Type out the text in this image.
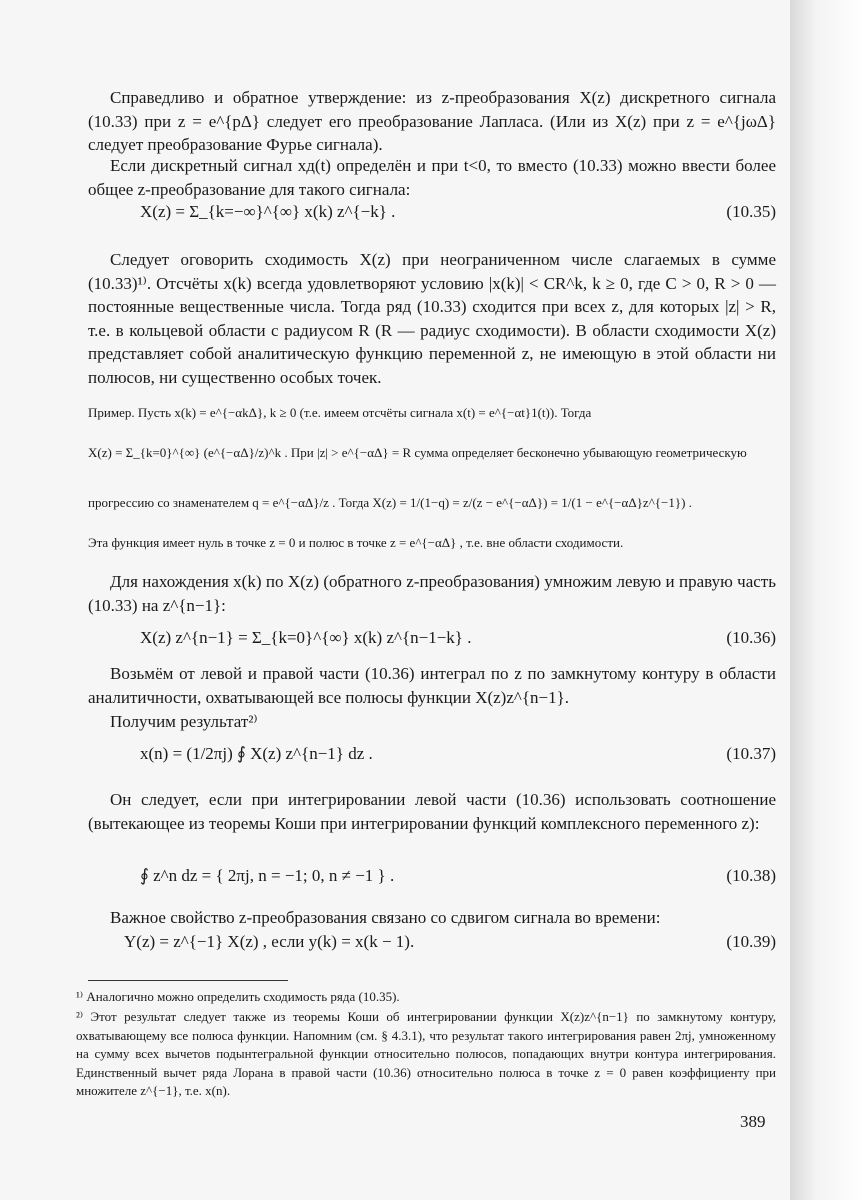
Справедливо и обратное утверждение: из z-преобразования X(z) дискретного сигнала (10.33) при z = e^{pΔ} следует его преобразование Лапласа. (Или из X(z) при z = e^{jωΔ} следует преобразование Фурье сигнала).

Если дискретный сигнал xд(t) определён и при t<0, то вместо (10.33) можно ввести более общее z-преобразование для такого сигнала:

X(z) = Σ_{k=−∞}^{∞} x(k) z^{−k} .	(10.35)

Следует оговорить сходимость X(z) при неограниченном числе слагаемых в сумме (10.33)¹⁾. Отсчёты x(k) всегда удовлетворяют условию |x(k)| < CR^k, k ≥ 0, где C > 0, R > 0 — постоянные вещественные числа. Тогда ряд (10.33) сходится при всех z, для которых |z| > R, т.е. в кольцевой области с радиусом R (R — радиус сходимости). В области сходимости X(z) представляет собой аналитическую функцию переменной z, не имеющую в этой области ни полюсов, ни существенно особых точек.

Пример. Пусть x(k) = e^{−αkΔ}, k ≥ 0 (т.е. имеем отсчёты сигнала x(t) = e^{−αt}1(t)). Тогда

X(z) = Σ_{k=0}^{∞} (e^{−αΔ}/z)^k . При |z| > e^{−αΔ} = R сумма определяет бесконечно убывающую геометрическую

прогрессию со знаменателем q = e^{−αΔ}/z . Тогда X(z) = 1/(1−q) = z/(z − e^{−αΔ}) = 1/(1 − e^{−αΔ}z^{−1}) .

Эта функция имеет нуль в точке z = 0 и полюс в точке z = e^{−αΔ} , т.е. вне области сходимости.

Для нахождения x(k) по X(z) (обратного z-преобразования) умножим левую и правую часть (10.33) на z^{n−1}:

X(z) z^{n−1} = Σ_{k=0}^{∞} x(k) z^{n−1−k} .	(10.36)

Возьмём от левой и правой части (10.36) интеграл по z по замкнутому контуру в области аналитичности, охватывающей все полюсы функции X(z)z^{n−1}.

Получим результат²⁾

x(n) = (1/2πj) ∮ X(z) z^{n−1} dz .	(10.37)

Он следует, если при интегрировании левой части (10.36) использовать соотношение (вытекающее из теоремы Коши при интегрировании функций комплексного переменного z):

∮ z^n dz = { 2πj, n = −1; 0, n ≠ −1 } .	(10.38)

Важное свойство z-преобразования связано со сдвигом сигнала во времени:

Y(z) = z^{−1} X(z) , если y(k) = x(k − 1).	(10.39)
¹⁾ Аналогично можно определить сходимость ряда (10.35).
²⁾ Этот результат следует также из теоремы Коши об интегрировании функции X(z)z^{n−1} по замкнутому контуру, охватывающему все полюса функции. Напомним (см. § 4.3.1), что результат такого интегрирования равен 2πj, умноженному на сумму всех вычетов подынтегральной функции относительно полюсов, попадающих внутри контура интегрирования. Единственный вычет ряда Лорана в правой части (10.36) относительно полюса в точке z = 0 равен коэффициенту при множителе z^{−1}, т.е. x(n).
389
